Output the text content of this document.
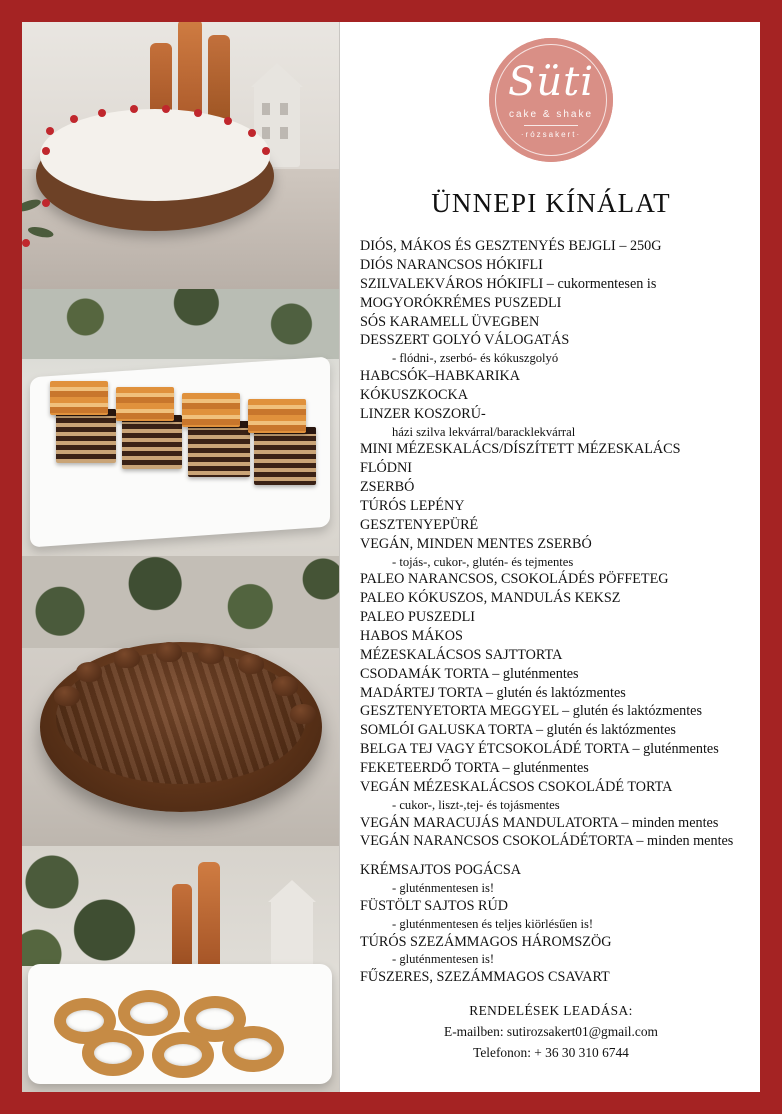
Süti
cake & shake
·rózsakert·
ÜNNEPI KÍNÁLAT
DIÓS, MÁKOS ÉS GESZTENYÉS BEJGLI – 250G
DIÓS NARANCSOS HÓKIFLI
SZILVALEKVÁROS HÓKIFLI – cukormentesen is
MOGYORÓKRÉMES PUSZEDLI
SÓS KARAMELL ÜVEGBEN
DESSZERT GOLYÓ VÁLOGATÁS
- flódni-, zserbó- és kókuszgolyó
HABCSÓK–HABKARIKA
KÓKUSZKOCKA
LINZER KOSZORÚ-
házi szilva lekvárral/baracklekvárral
MINI MÉZESKALÁCS/DÍSZÍTETT MÉZESKALÁCS
FLÓDNI
ZSERBÓ
TÚRÓS LEPÉNY
GESZTENYEPÜRÉ
VEGÁN, MINDEN MENTES ZSERBÓ
- tojás-, cukor-, glutén- és tejmentes
PALEO NARANCSOS, CSOKOLÁDÉS PÖFFETEG
PALEO KÓKUSZOS, MANDULÁS KEKSZ
PALEO PUSZEDLI
HABOS MÁKOS
MÉZESKALÁCSOS SAJTTORTA
CSODAMÁK TORTA – gluténmentes
MADÁRTEJ TORTA – glutén és laktózmentes
GESZTENYETORTA MEGGYEL – glutén és laktózmentes
SOMLÓI GALUSKA TORTA – glutén és laktózmentes
BELGA TEJ VAGY ÉTCSOKOLÁDÉ TORTA – gluténmentes
FEKETEERDŐ TORTA – gluténmentes
VEGÁN MÉZESKALÁCSOS CSOKOLÁDÉ TORTA
- cukor-, liszt-,tej- és tojásmentes
VEGÁN MARACUJÁS MANDULATORTA – minden mentes
VEGÁN NARANCSOS CSOKOLÁDÉTORTA – minden mentes
KRÉMSAJTOS POGÁCSA
- gluténmentesen is!
FÜSTÖLT SAJTOS RÚD
- gluténmentesen és teljes kiörlésűen is!
TÚRÓS SZEZÁMMAGOS HÁROMSZÖG
- gluténmentesen is!
FŰSZERES, SZEZÁMMAGOS CSAVART
RENDELÉSEK LEADÁSA:
E-mailben: sutirozsakert01@gmail.com
Telefonon: + 36 30 310 6744
